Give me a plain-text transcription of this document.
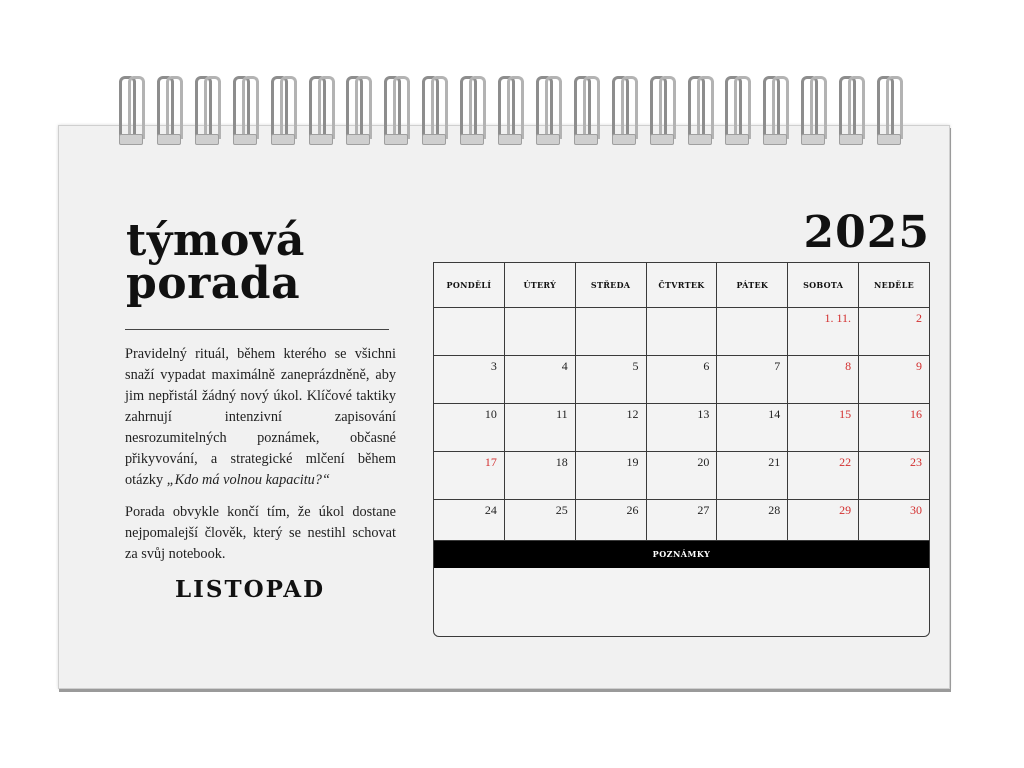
týmová
porada

Pravidelný rituál, během kterého se všichni snaží vypadat maximálně zaneprázdněně, aby jim nepřistál žádný nový úkol. Klíčové taktiky zahrnují intenzivní zapisování nesrozumitelných poznámek, občasné přikyvování, a strategické mlčení během otázky „Kdo má volnou kapacitu?“

Porada obvykle končí tím, že úkol dostane nejpomalejší člověk, který se nestihl schovat za svůj notebook.

LISTOPAD
2025
PONDĚLÍ	ÚTERÝ	STŘEDA	ČTVRTEK	PÁTEK	SOBOTA	NEDĚLE
					1. 11.	2
3	4	5	6	7	8	9
10	11	12	13	14	15	16
17	18	19	20	21	22	23
24	25	26	27	28	29	30
POZNÁMKY
